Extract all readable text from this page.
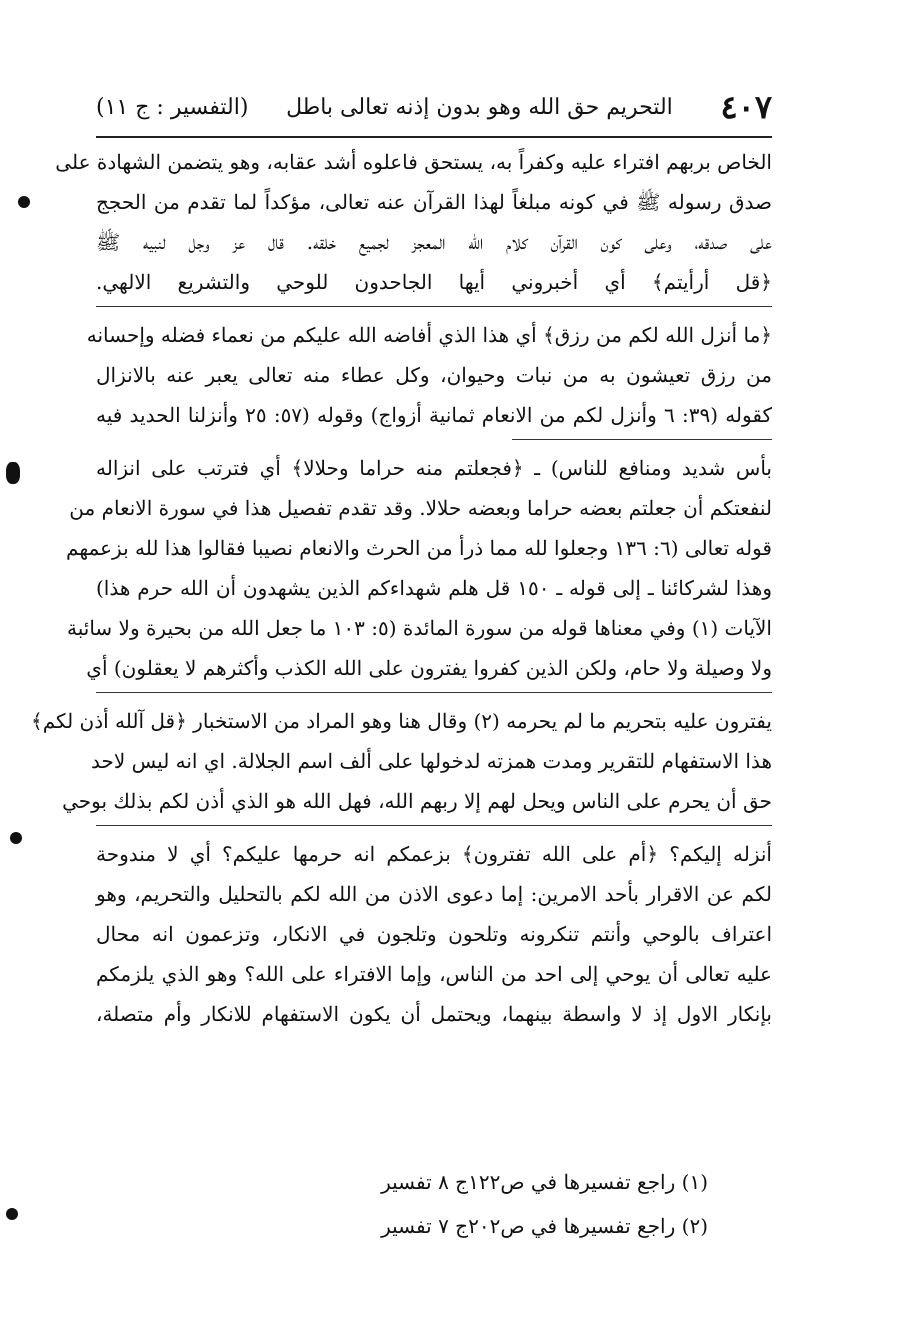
٤٠٧
التحريم حق الله وهو بدون إذنه تعالى باطل
(التفسير : ج ١١)
الخاص بربهم افتراء عليه وكفراً به، يستحق فاعلوه أشد عقابه، وهو يتضمن الشهادة على
صدق رسوله ﷺ في كونه مبلغاً لهذا القرآن عنه تعالى، مؤكداً لما تقدم من الحجج
على صدقه، وعلى كون القرآن كلام الله المعجز لجميع خلقه. قال عز وجل لنبيه ﷺ
﴿قل أرأيتم﴾ أي أخبروني أيها الجاحدون للوحي والتشريع الالهي.
﴿ما أنزل الله لكم من رزق﴾ أي هذا الذي أفاضه الله عليكم من نعماء فضله وإحسانه
من رزق تعيشون به من نبات وحيوان، وكل عطاء منه تعالى يعبر عنه بالانزال
كقوله (٣٩: ٦ وأنزل لكم من الانعام ثمانية أزواج) وقوله (٥٧: ٢٥ وأنزلنا الحديد فيه
بأس شديد ومنافع للناس) ـ ﴿فجعلتم منه حراما وحلالا﴾ أي فترتب على انزاله
لنفعتكم أن جعلتم بعضه حراما وبعضه حلالا. وقد تقدم تفصيل هذا في سورة الانعام من
قوله تعالى (٦: ١٣٦ وجعلوا لله مما ذرأ من الحرث والانعام نصيبا فقالوا هذا لله بزعمهم
وهذا لشركائنا ـ إلى قوله ـ ١٥٠ قل هلم شهداءكم الذين يشهدون أن الله حرم هذا)
الآيات (١) وفي معناها قوله من سورة المائدة (٥: ١٠٣ ما جعل الله من بحيرة ولا سائبة
ولا وصيلة ولا حام، ولكن الذين كفروا يفترون على الله الكذب وأكثرهم لا يعقلون) أي
يفترون عليه بتحريم ما لم يحرمه (٢) وقال هنا وهو المراد من الاستخبار ﴿قل آلله أذن لكم﴾
هذا الاستفهام للتقرير ومدت همزته لدخولها على ألف اسم الجلالة. اي انه ليس لاحد
حق أن يحرم على الناس ويحل لهم إلا ربهم الله، فهل الله هو الذي أذن لكم بذلك بوحي
أنزله إليكم؟ ﴿أم على الله تفترون﴾ بزعمكم انه حرمها عليكم؟ أي لا مندوحة
لكم عن الاقرار بأحد الامرين: إما دعوى الاذن من الله لكم بالتحليل والتحريم، وهو
اعتراف بالوحي وأنتم تنكرونه وتلحون وتلجون في الانكار، وتزعمون انه محال
عليه تعالى أن يوحي إلى احد من الناس، وإما الافتراء على الله؟ وهو الذي يلزمكم
بإنكار الاول إذ لا واسطة بينهما، ويحتمل أن يكون الاستفهام للانكار وأم متصلة،
(١) راجع تفسيرها في ص١٢٢ج ٨ تفسير
(٢) راجع تفسيرها في ص٢٠٢ج ٧ تفسير
